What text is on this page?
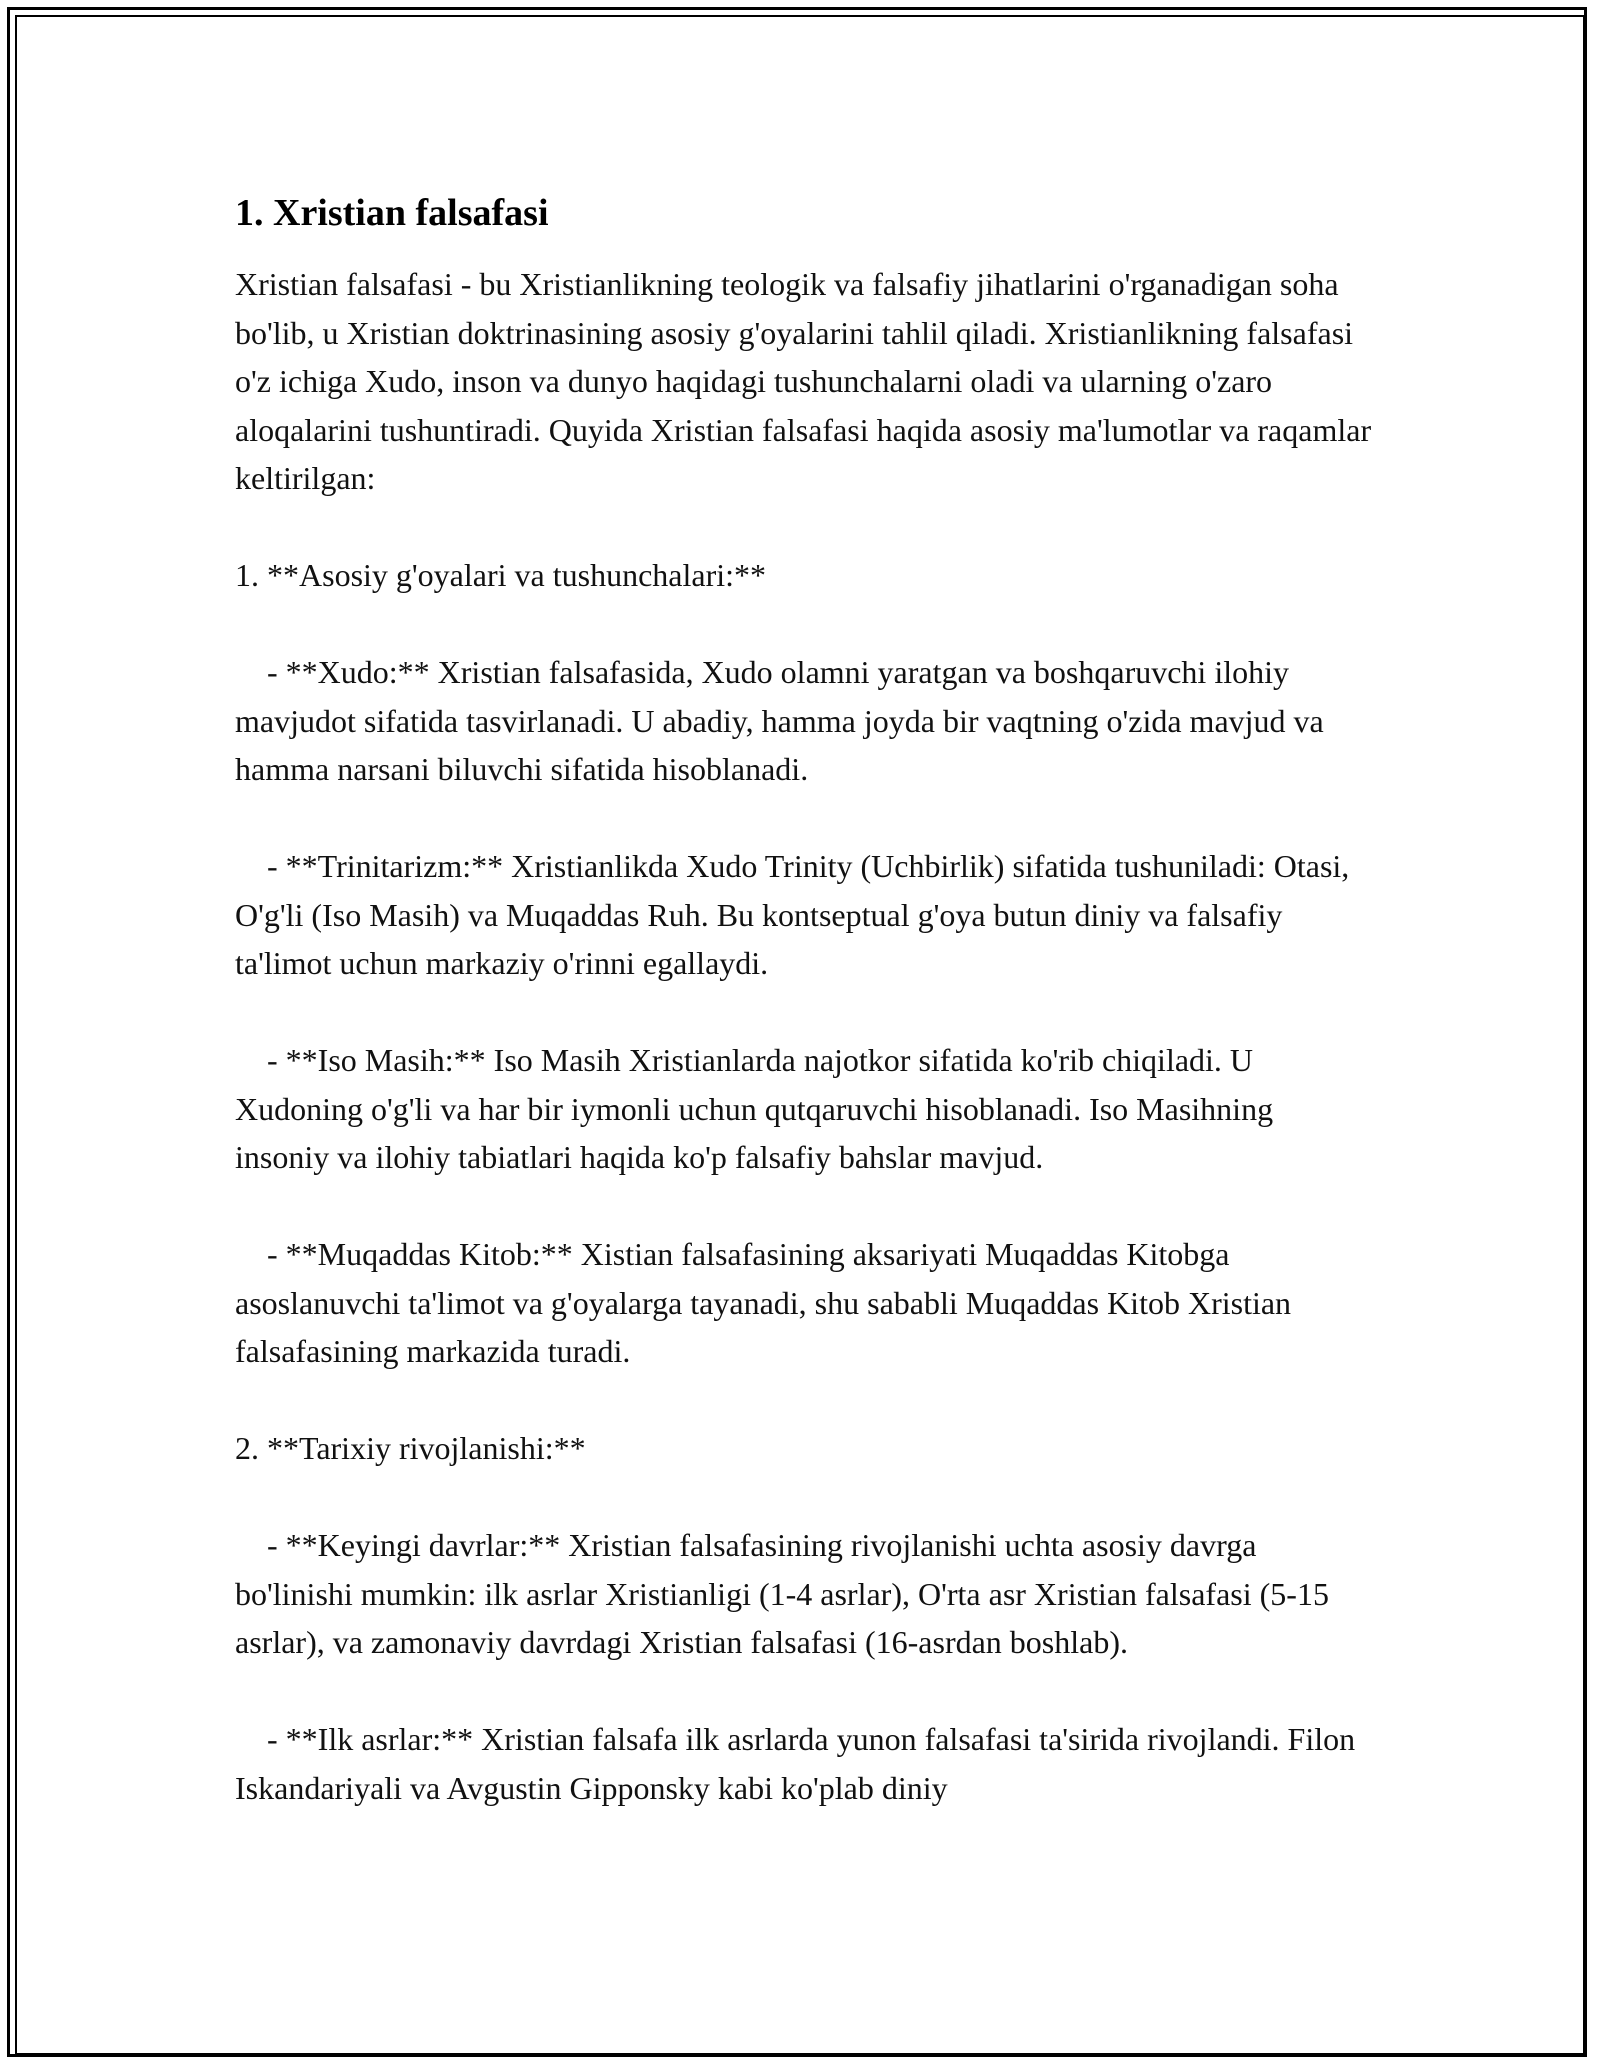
1. Xristian falsafasi

Xristian falsafasi - bu Xristianlikning teologik va falsafiy jihatlarini o'rganadigan soha bo'lib, u Xristian doktrinasining asosiy g'oyalarini tahlil qiladi. Xristianlikning falsafasi o'z ichiga Xudo, inson va dunyo haqidagi tushunchalarni oladi va ularning o'zaro aloqalarini tushuntiradi. Quyida Xristian falsafasi haqida asosiy ma'lumotlar va raqamlar keltirilgan:

1. **Asosiy g'oyalari va tushunchalari:**

- **Xudo:** Xristian falsafasida, Xudo olamni yaratgan va boshqaruvchi ilohiy mavjudot sifatida tasvirlanadi. U abadiy, hamma joyda bir vaqtning o'zida mavjud va hamma narsani biluvchi sifatida hisoblanadi.

- **Trinitarizm:** Xristianlikda Xudo Trinity (Uchbirlik) sifatida tushuniladi: Otasi, O'g'li (Iso Masih) va Muqaddas Ruh. Bu kontseptual g'oya butun diniy va falsafiy ta'limot uchun markaziy o'rinni egallaydi.

- **Iso Masih:** Iso Masih Xristianlarda najotkor sifatida ko'rib chiqiladi. U Xudoning o'g'li va har bir iymonli uchun qutqaruvchi hisoblanadi. Iso Masihning insoniy va ilohiy tabiatlari haqida ko'p falsafiy bahslar mavjud.

- **Muqaddas Kitob:** Xistian falsafasining aksariyati Muqaddas Kitobga asoslanuvchi ta'limot va g'oyalarga tayanadi, shu sababli Muqaddas Kitob Xristian falsafasining markazida turadi.

2. **Tarixiy rivojlanishi:**

- **Keyingi davrlar:** Xristian falsafasining rivojlanishi uchta asosiy davrga bo'linishi mumkin: ilk asrlar Xristianligi (1-4 asrlar), O'rta asr Xristian falsafasi (5-15 asrlar), va zamonaviy davrdagi Xristian falsafasi (16-asrdan boshlab).

- **Ilk asrlar:** Xristian falsafa ilk asrlarda yunon falsafasi ta'sirida rivojlandi. Filon Iskandariyali va Avgustin Gipponsky kabi ko'plab diniy
